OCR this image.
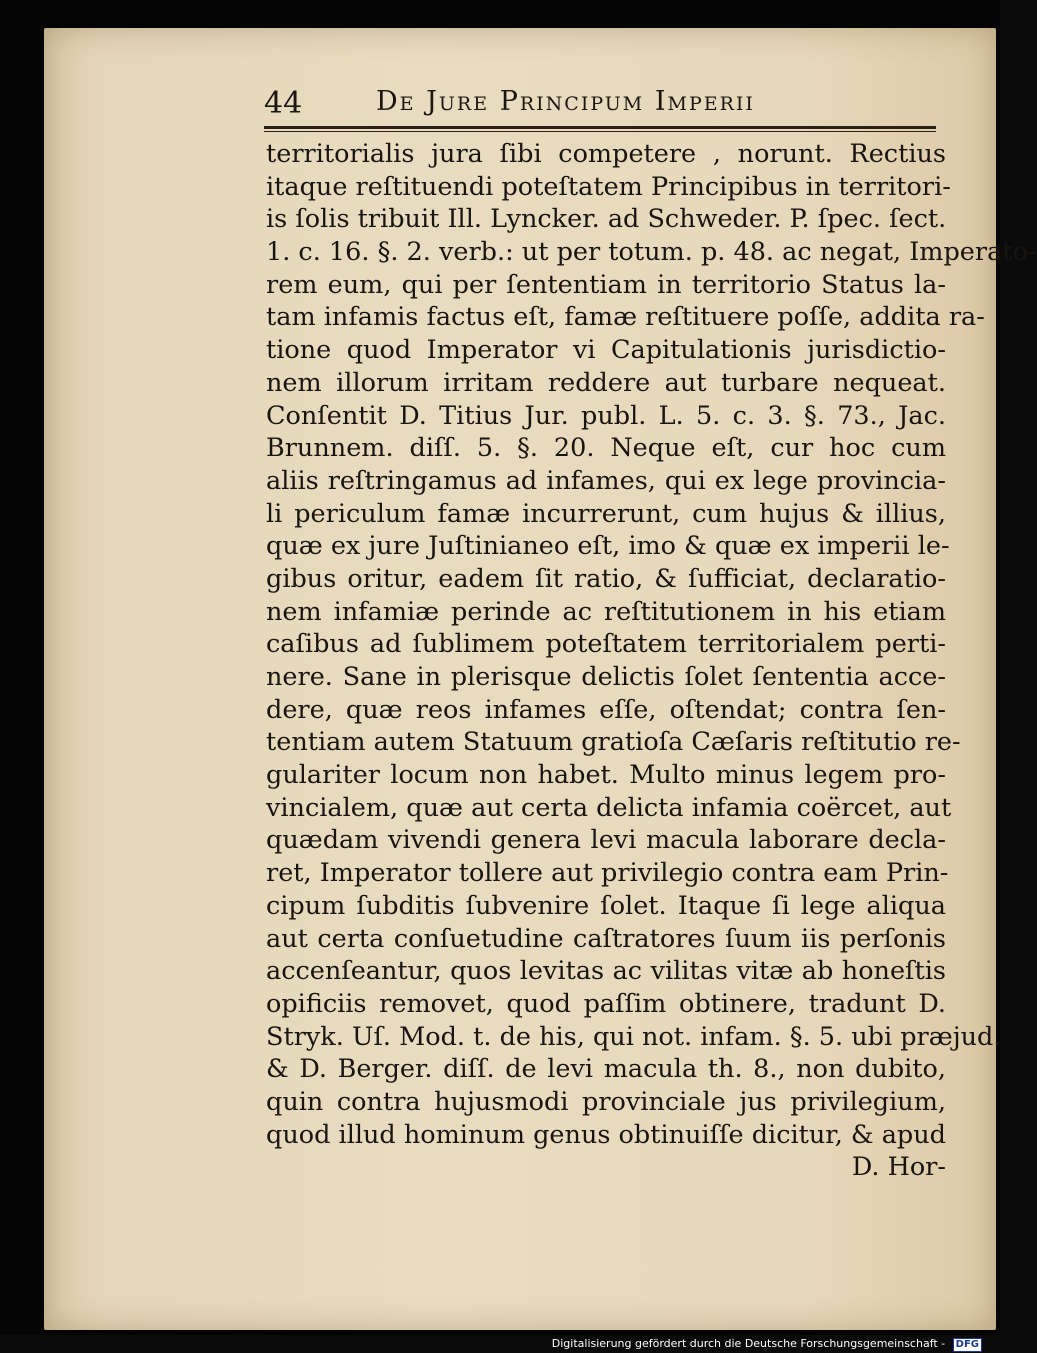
44	De Jure Principum Imperii
territorialis jura ſibi competere , norunt. Rectius
itaque reſtituendi poteſtatem Principibus in territori-
is ſolis tribuit Ill. Lyncker. ad Schweder. P. ſpec. ſect.
1. c. 16. §. 2. verb.: ut per totum. p. 48. ac negat, Imperato-
rem eum, qui per ſententiam in territorio Status la-
tam infamis factus eſt, famæ reſtituere poſſe, addita ra-
tione quod Imperator vi Capitulationis jurisdictio-
nem illorum irritam reddere aut turbare nequeat.
Conſentit D. Titius Jur. publ. L. 5. c. 3. §. 73., Jac.
Brunnem. diſſ. 5. §. 20. Neque eſt, cur hoc cum
aliis reſtringamus ad infames, qui ex lege provincia-
li periculum famæ incurrerunt, cum hujus & illius,
quæ ex jure Juſtinianeo eſt, imo & quæ ex imperii le-
gibus oritur, eadem ſit ratio, & ſufficiat, declaratio-
nem infamiæ perinde ac reſtitutionem in his etiam
caſibus ad ſublimem poteſtatem territorialem perti-
nere. Sane in plerisque delictis ſolet ſententia acce-
dere, quæ reos infames eſſe, oſtendat; contra ſen-
tentiam autem Statuum gratioſa Cæſaris reſtitutio re-
gulariter locum non habet. Multo minus legem pro-
vincialem, quæ aut certa delicta infamia coërcet, aut
quædam vivendi genera levi macula laborare decla-
ret, Imperator tollere aut privilegio contra eam Prin-
cipum ſubditis ſubvenire ſolet. Itaque ſi lege aliqua
aut certa conſuetudine caſtratores ſuum iis perſonis
accenſeantur, quos levitas ac vilitas vitæ ab honeſtis
opificiis removet, quod paſſim obtinere, tradunt D.
Stryk. Uſ. Mod. t. de his, qui not. infam. §. 5. ubi præjud.
& D. Berger. diſſ. de levi macula th. 8., non dubito,
quin contra hujusmodi provinciale jus privilegium,
quod illud hominum genus obtinuiſſe dicitur, & apud
D. Hor-
Digitalisierung gefördert durch die Deutsche Forschungsgemeinschaft - DFG
